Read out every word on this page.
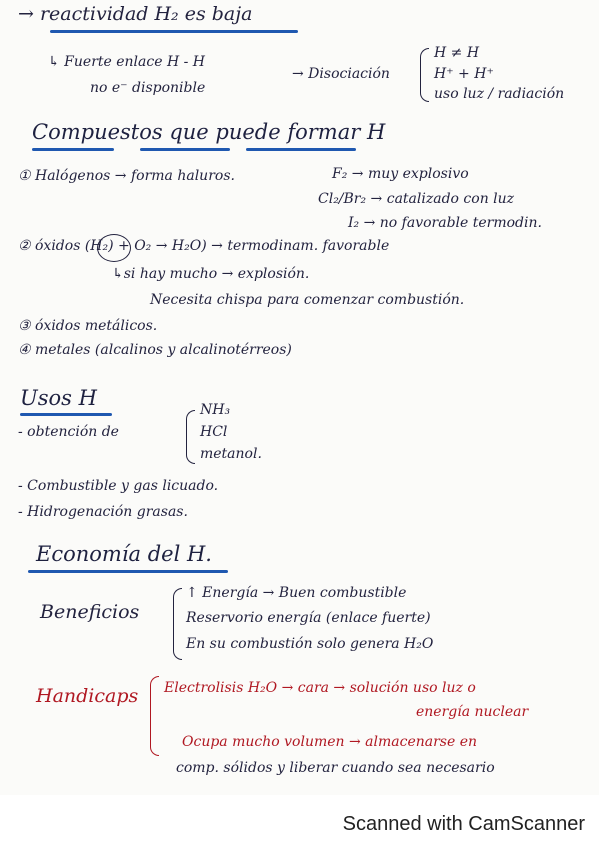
→ reactividad H₂ es baja
↳ Fuerte enlace H - H
no e⁻ disponible
→ Disociación
H ≠ H
H⁺ + H⁺
uso luz / radiación
Compuestos que puede formar H
① Halógenos → forma haluros.	F₂ → muy explosivo
Cl₂/Br₂ → catalizado con luz
I₂ → no favorable termodin.
② óxidos (H₂) + O₂ → H₂O) → termodinam. favorable
↳si hay mucho → explosión.
Necesita chispa para comenzar combustión.
③ óxidos metálicos.
④ metales (alcalinos y alcalinotérreos)
Usos H
- obtención de
NH₃
HCl
metanol.
- Combustible y gas licuado.
- Hidrogenación grasas.
Economía del H.
Beneficios
↑ Energía → Buen combustible
Reservorio energía (enlace fuerte)
En su combustión solo genera H₂O
Handicaps Electrolisis H₂O → cara → solución uso luz o
energía nuclear
Ocupa mucho volumen → almacenarse en
comp. sólidos y liberar cuando sea necesario
Scanned with CamScanner
